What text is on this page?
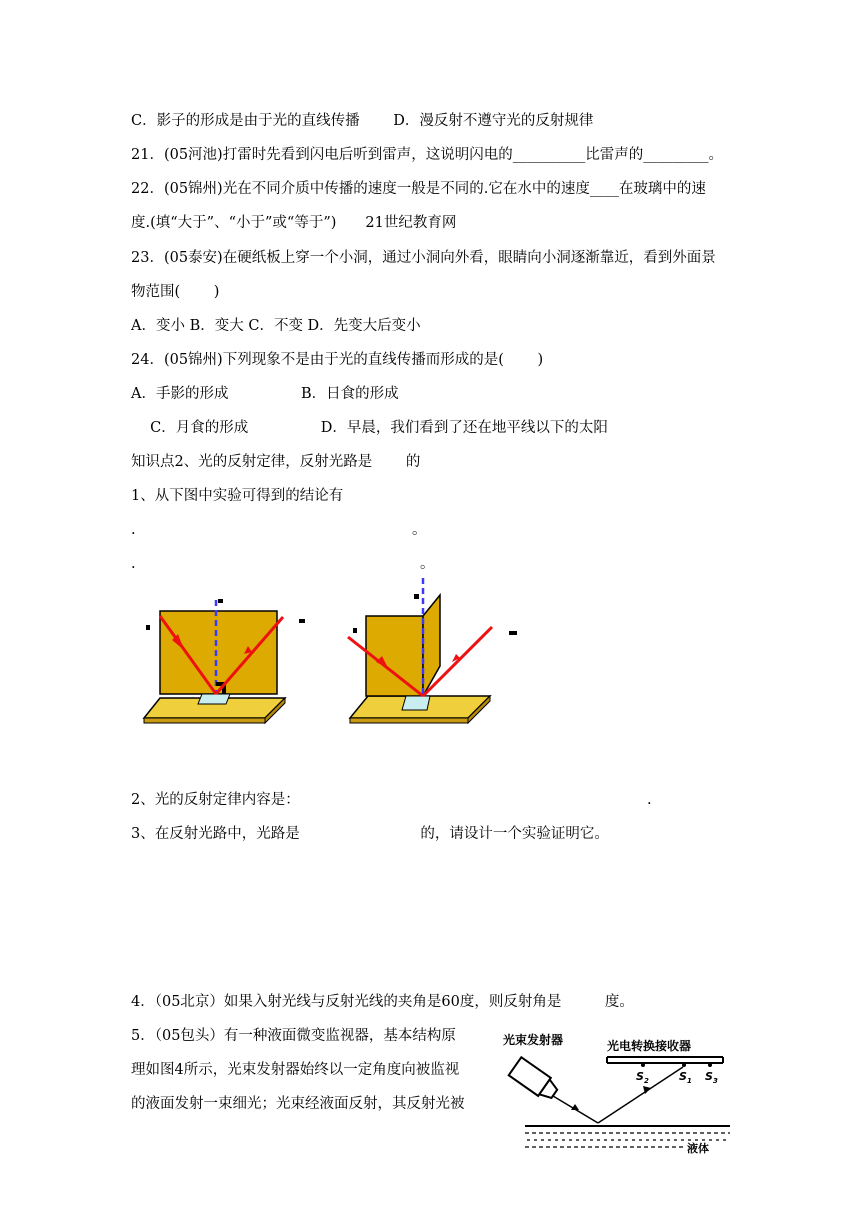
C．影子的形成是由于光的直线传播　　 D．漫反射不遵守光的反射规律
21．(05河池)打雷时先看到闪电后听到雷声，这说明闪电的__________比雷声的_________。
22．(05锦州)光在不同介质中传播的速度一般是不同的.它在水中的速度____在玻璃中的速
度.(填“大于”、“小于”或“等于”)　　21世纪教育网
23．(05泰安)在硬纸板上穿一个小洞，通过小洞向外看，眼睛向小洞逐渐靠近，看到外面景
物范围(　　 )
A．变小 B．变大 C．不变 D．先变大后变小
24．(05锦州)下列现象不是由于光的直线传播而形成的是(　　 )
A．手影的形成　　　　　B．日食的形成
　 C．月食的形成　　　　　D．早晨，我们看到了还在地平线以下的太阳
知识点2、光的反射定律，反射光路是　　 的
1、从下图中实验可得到的结论有
.	。
.	。
2、光的反射定律内容是：	.
3、在反射光路中，光路是　　　　　　　　 的，请设计一个实验证明它。
4．（05北京）如果入射光线与反射光线的夹角是60度，则反射角是　　　度。
5．（05包头）有一种液面微变监视器，基本结构原
理如图4所示，光束发射器始终以一定角度向被监视
的液面发射一束细光；光束经液面反射，其反射光被
光束发射器	光电转换接收器
$S_2$	$S_1$ $S_3$
液体
